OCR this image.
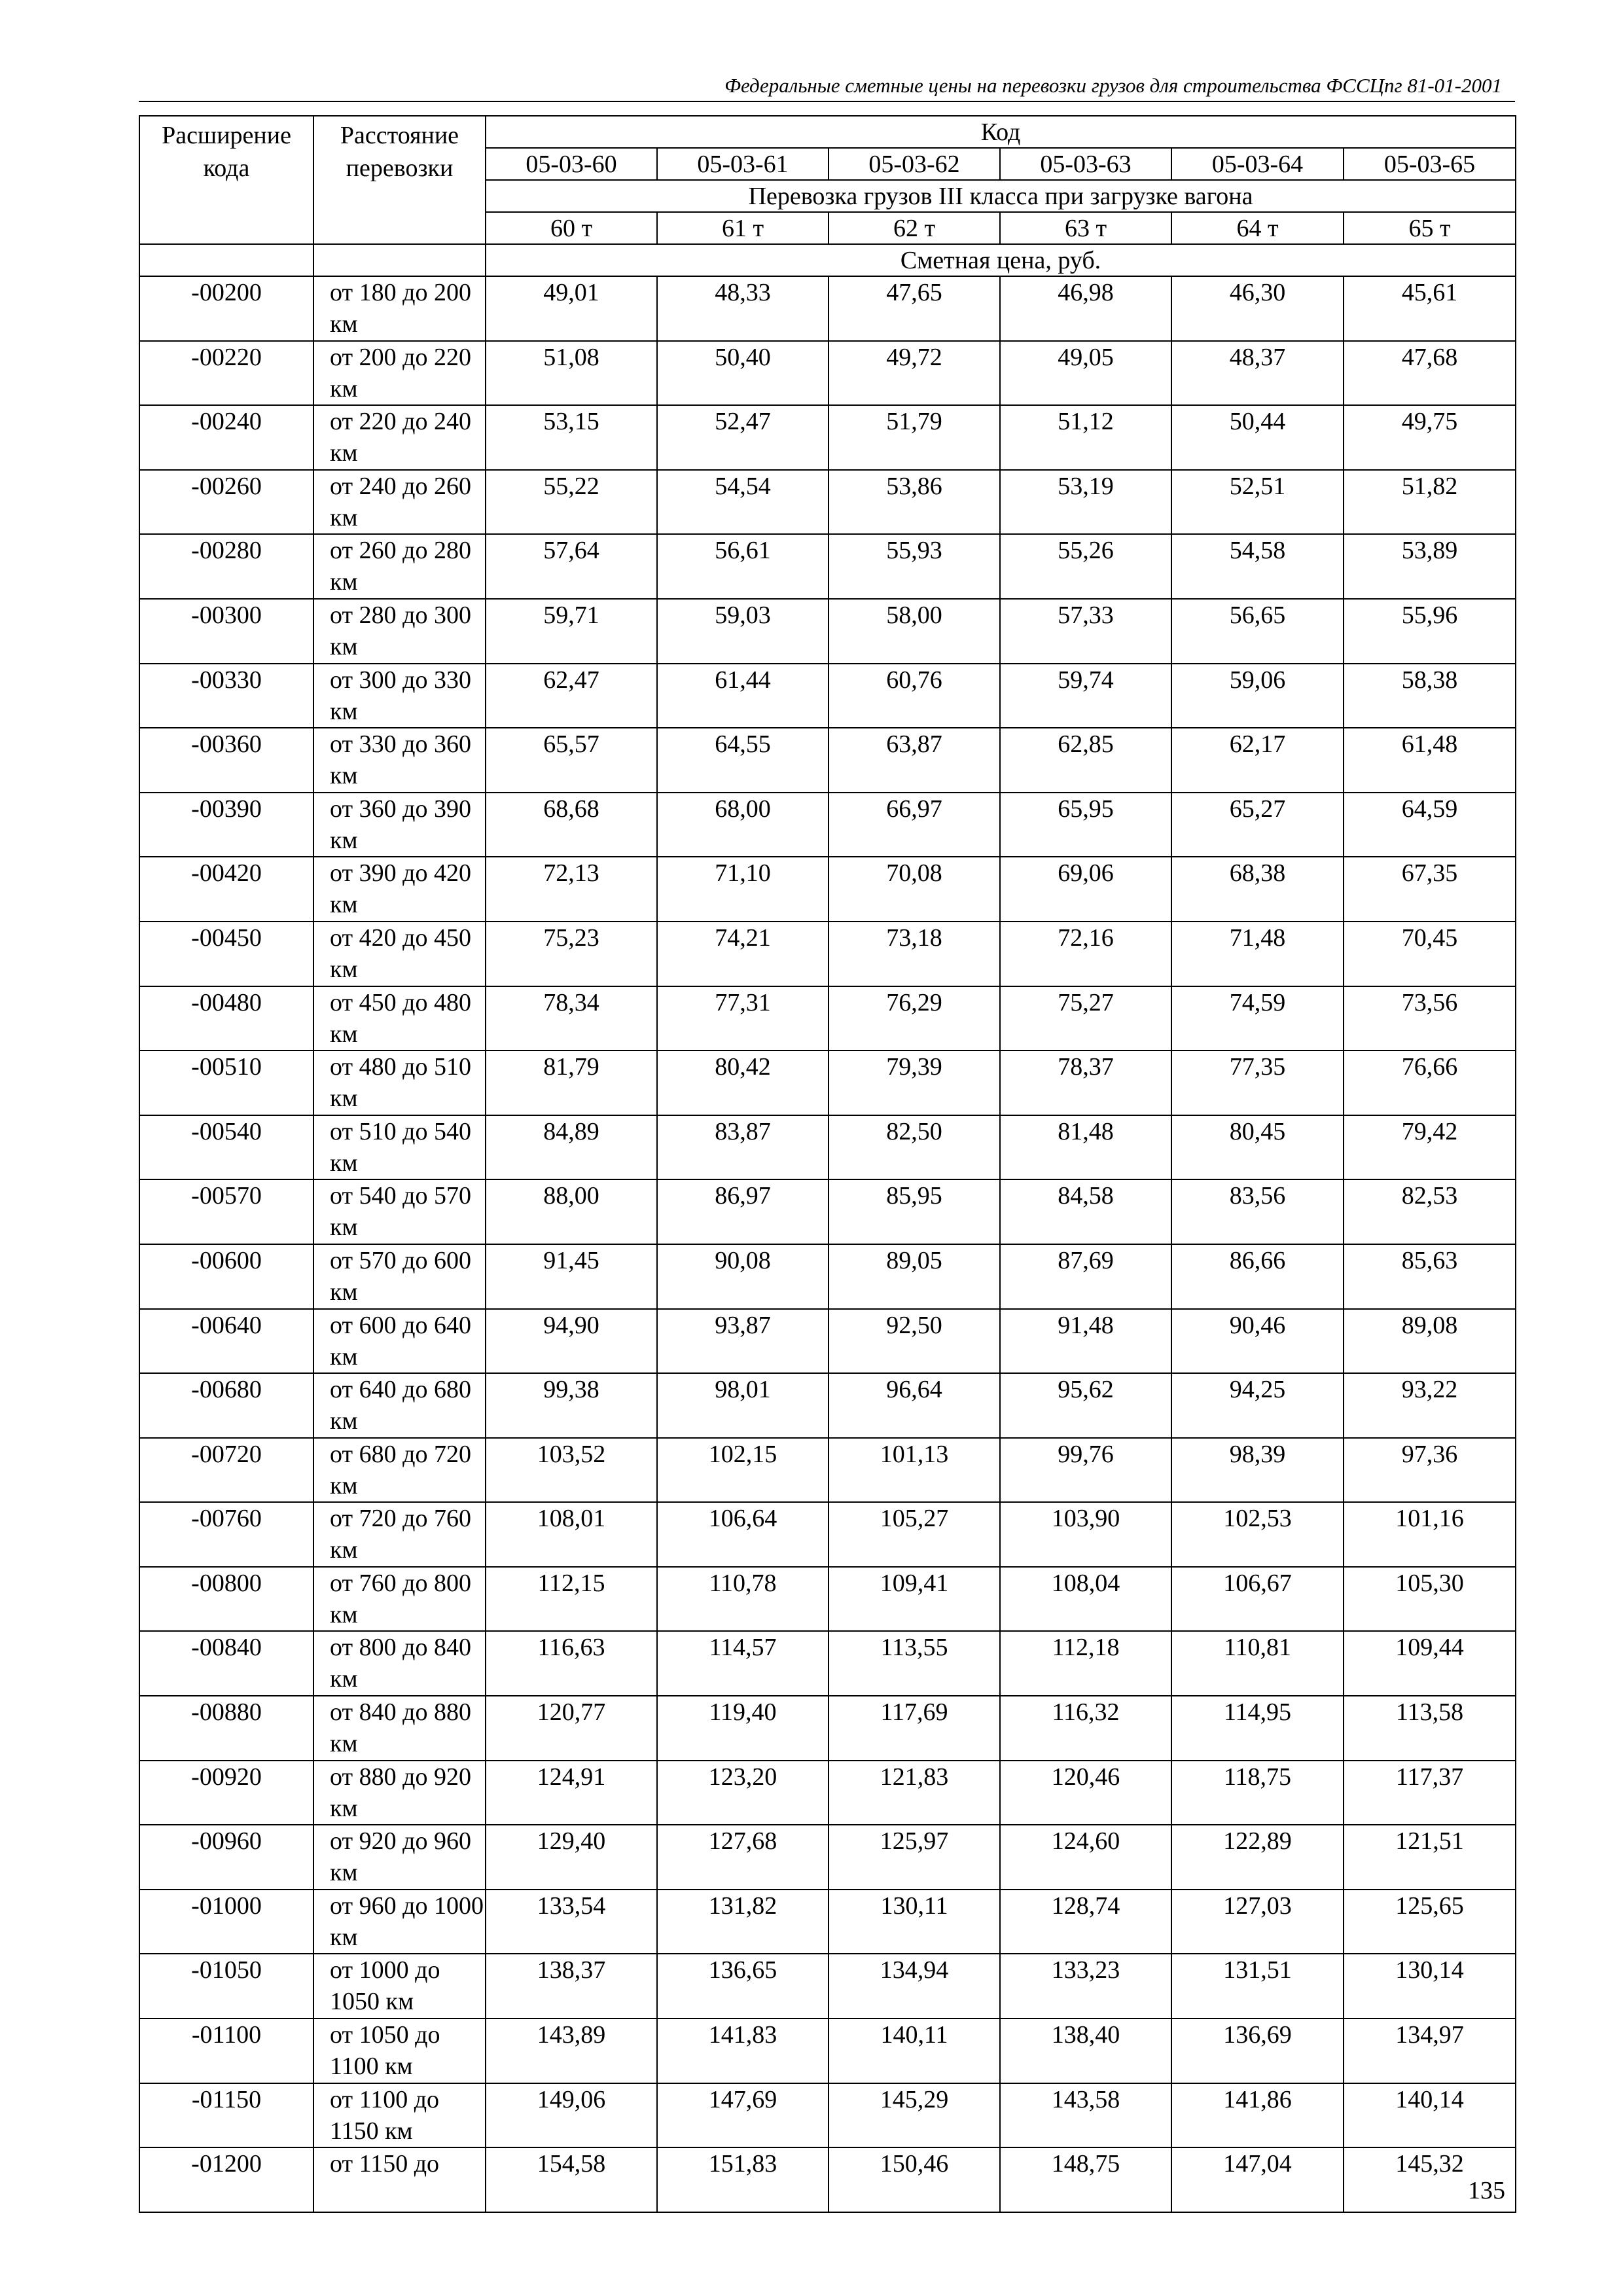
Федеральные сметные цены на перевозки грузов для строительства ФССЦпг 81-01-2001
Расширение кода	Расстояние перевозки	Код					
		05-03-60	05-03-61	05-03-62	05-03-63	05-03-64	05-03-65
		Перевозка грузов III класса при загрузке вагона					
		60 т	61 т	62 т	63 т	64 т	65 т
		Сметная цена, руб.					
-00200	от 180 до 200 км	49,01	48,33	47,65	46,98	46,30	45,61
-00220	от 200 до 220 км	51,08	50,40	49,72	49,05	48,37	47,68
-00240	от 220 до 240 км	53,15	52,47	51,79	51,12	50,44	49,75
-00260	от 240 до 260 км	55,22	54,54	53,86	53,19	52,51	51,82
-00280	от 260 до 280 км	57,64	56,61	55,93	55,26	54,58	53,89
-00300	от 280 до 300 км	59,71	59,03	58,00	57,33	56,65	55,96
-00330	от 300 до 330 км	62,47	61,44	60,76	59,74	59,06	58,38
-00360	от 330 до 360 км	65,57	64,55	63,87	62,85	62,17	61,48
-00390	от 360 до 390 км	68,68	68,00	66,97	65,95	65,27	64,59
-00420	от 390 до 420 км	72,13	71,10	70,08	69,06	68,38	67,35
-00450	от 420 до 450 км	75,23	74,21	73,18	72,16	71,48	70,45
-00480	от 450 до 480 км	78,34	77,31	76,29	75,27	74,59	73,56
-00510	от 480 до 510 км	81,79	80,42	79,39	78,37	77,35	76,66
-00540	от 510 до 540 км	84,89	83,87	82,50	81,48	80,45	79,42
-00570	от 540 до 570 км	88,00	86,97	85,95	84,58	83,56	82,53
-00600	от 570 до 600 км	91,45	90,08	89,05	87,69	86,66	85,63
-00640	от 600 до 640 км	94,90	93,87	92,50	91,48	90,46	89,08
-00680	от 640 до 680 км	99,38	98,01	96,64	95,62	94,25	93,22
-00720	от 680 до 720 км	103,52	102,15	101,13	99,76	98,39	97,36
-00760	от 720 до 760 км	108,01	106,64	105,27	103,90	102,53	101,16
-00800	от 760 до 800 км	112,15	110,78	109,41	108,04	106,67	105,30
-00840	от 800 до 840 км	116,63	114,57	113,55	112,18	110,81	109,44
-00880	от 840 до 880 км	120,77	119,40	117,69	116,32	114,95	113,58
-00920	от 880 до 920 км	124,91	123,20	121,83	120,46	118,75	117,37
-00960	от 920 до 960 км	129,40	127,68	125,97	124,60	122,89	121,51
-01000	от 960 до 1000 км	133,54	131,82	130,11	128,74	127,03	125,65
-01050	от 1000 до 1050 км	138,37	136,65	134,94	133,23	131,51	130,14
-01100	от 1050 до 1100 км	143,89	141,83	140,11	138,40	136,69	134,97
-01150	от 1100 до 1150 км	149,06	147,69	145,29	143,58	141,86	140,14
-01200	от 1150 до	154,58	151,83	150,46	148,75	147,04	145,32
135
